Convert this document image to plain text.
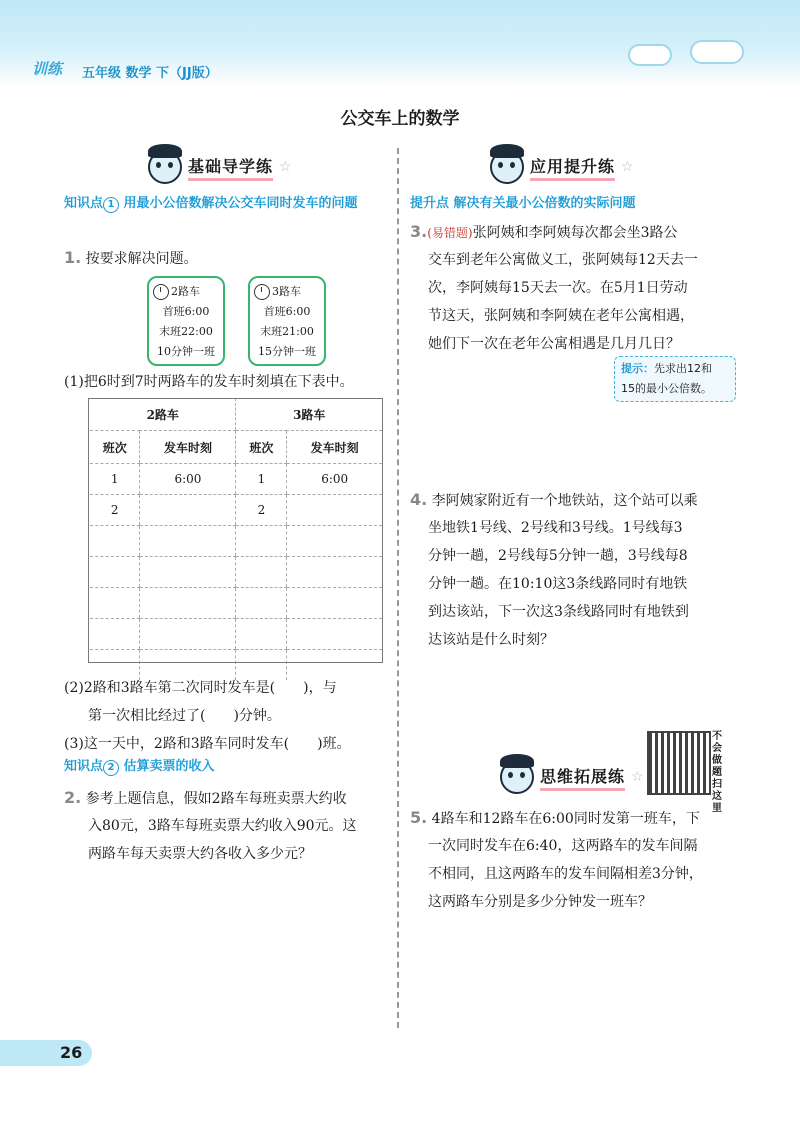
训练 五年级 数学 下（JJ版）
公交车上的数学
基础导学练 ☆
知识点 1 用最小公倍数解决公交车同时发车的问题
1. 按要求解决问题。
2路车
首班6:00
末班22:00
10分钟一班
3路车
首班6:00
末班21:00
15分钟一班
(1)把6时到7时两路车的发车时刻填在下表中。
2路车		3路车	
班次	发车时刻	班次	发车时刻
1	6:00	1	6:00
2		2	

(2)2路和3路车第二次同时发车是(　　)，与
第一次相比经过了(　　)分钟。
(3)这一天中，2路和3路车同时发车(　　)班。
知识点 2 估算卖票的收入
2. 参考上题信息，假如2路车每班卖票大约收
入80元，3路车每班卖票大约收入90元。这
两路车每天卖票大约各收入多少元？
应用提升练 ☆
提升点 解决有关最小公倍数的实际问题
3.(易错题)张阿姨和李阿姨每次都会坐3路公
交车到老年公寓做义工，张阿姨每12天去一
次，李阿姨每15天去一次。在5月1日劳动
节这天，张阿姨和李阿姨在老年公寓相遇，
她们下一次在老年公寓相遇是几月几日？
提示：先求出12和
15的最小公倍数。
4. 李阿姨家附近有一个地铁站，这个站可以乘
坐地铁1号线、2号线和3号线。1号线每3
分钟一趟，2号线每5分钟一趟，3号线每8
分钟一趟。在10:10这3条线路同时有地铁
到达该站，下一次这3条线路同时有地铁到
达该站是什么时刻？
思维拓展练 ☆
不会做题扫这里
5. 4路车和12路车在6:00同时发第一班车，下
一次同时发车在6:40，这两路车的发车间隔
不相同，且这两路车的发车间隔相差3分钟，
这两路车分别是多少分钟发一班车？
26
